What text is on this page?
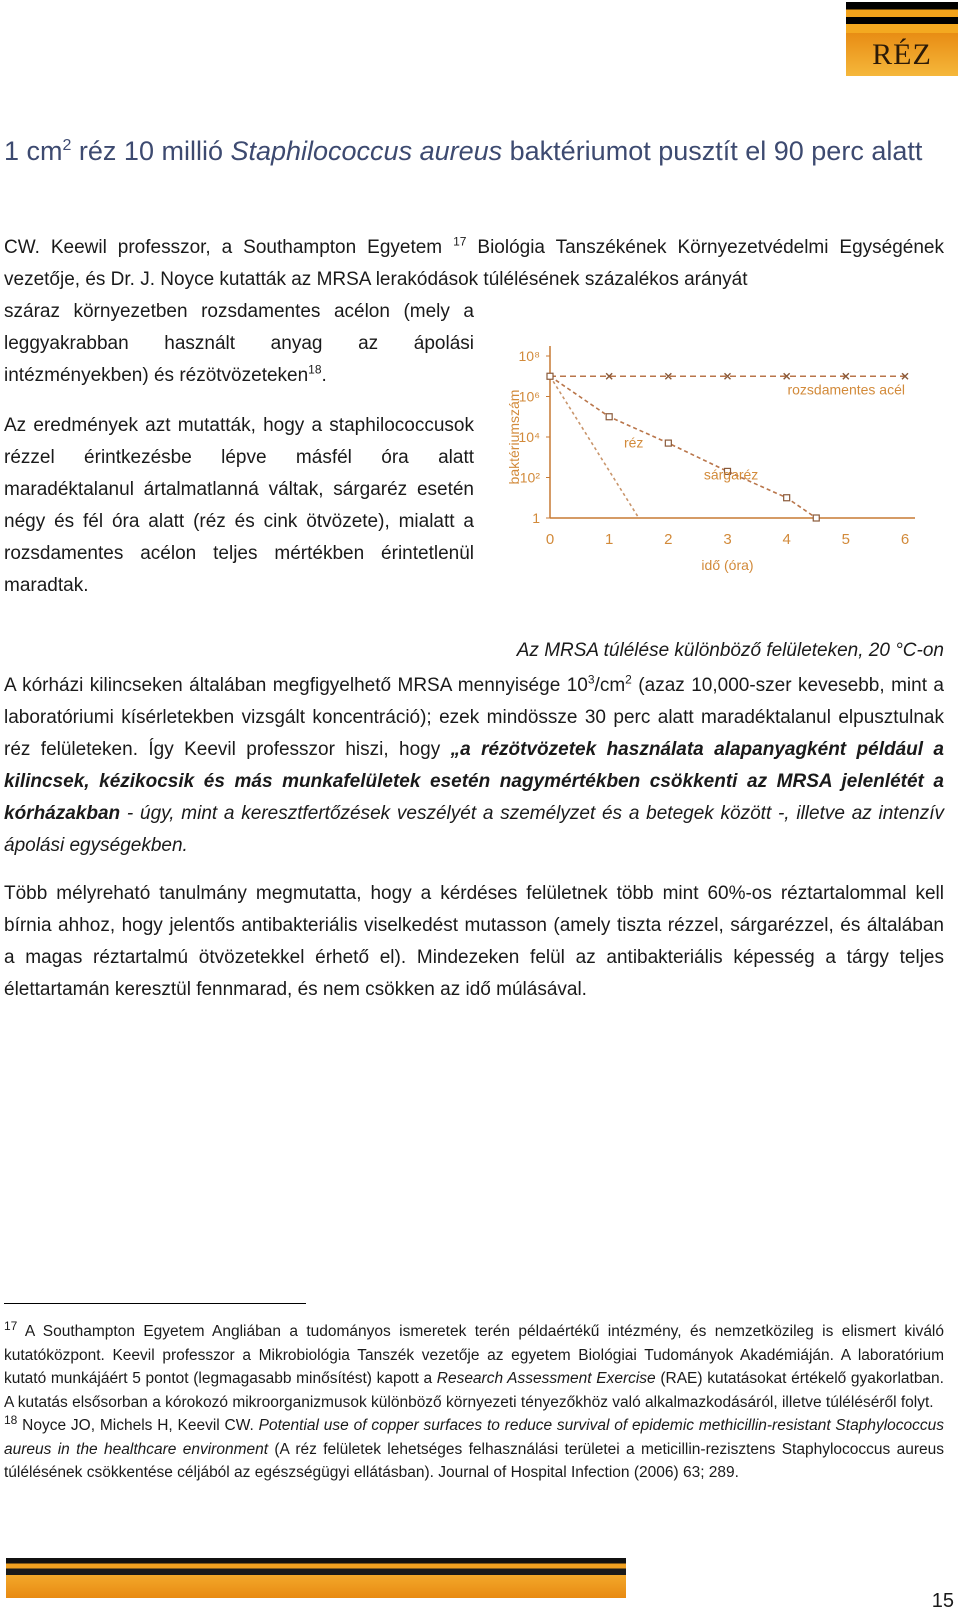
RÉZ
1 $cm^2$ réz 10 millió Staphilococcus aureus baktériumot pusztít el 90 perc alatt

CW. Keewil professzor, a Southampton Egyetem $^{17}$ Biológia Tanszékének Környezetvédelmi Egységének vezetője, és Dr. J. Noyce kutatták az MRSA lerakódások túlélésének százalékos arányát

száraz környezetben rozsdamentes acélon (mely a

leggyakrabban használt anyag az ápolási

intézményekben) és rézötvözeteken$^{18}$.

Az eredmények azt mutatták, hogy a staphilococcusok rézzel érintkezésbe lépve másfél óra alatt maradéktalanul ártalmatlanná váltak, sárgaréz esetén négy és fél óra alatt (réz és cink ötvözete), mialatt a rozsdamentes acélon teljes mértékben érintetlenül maradtak.

10⁸
10⁶
10⁴
10²
1
0	1	2	3	4	5	6
baktériumszám
idő (óra)
rozsdamentes acél
réz
sárgaréz
Az MRSA túlélése különböző felületeken, 20 °C-on

A kórházi kilincseken általában megfigyelhető MRSA mennyisége $10^3/cm^2$ (azaz 10,000-szer kevesebb, mint a laboratóriumi kísérletekben vizsgált koncentráció); ezek mindössze 30 perc alatt maradéktalanul elpusztulnak réz felületeken. Így Keevil professzor hiszi, hogy „a rézötvözetek használata alapanyagként például a kilincsek, kézikocsik és más munkafelületek esetén nagymértékben csökkenti az MRSA jelenlétét a kórházakban - úgy, mint a keresztfertőzések veszélyét a személyzet és a betegek között -, illetve az intenzív ápolási egységekben.

Több mélyreható tanulmány megmutatta, hogy a kérdéses felületnek több mint 60%-os réztartalommal kell bírnia ahhoz, hogy jelentős antibakteriális viselkedést mutasson (amely tiszta rézzel, sárgarézzel, és általában a magas réztartalmú ötvözetekkel érhető el). Mindezeken felül az antibakteriális képesség a tárgy teljes élettartamán keresztül fennmarad, és nem csökken az idő múlásával.

$^{17}$ A Southampton Egyetem Angliában a tudományos ismeretek terén példaértékű intézmény, és nemzetközileg is elismert kiváló kutatóközpont. Keevil professzor a Mikrobiológia Tanszék vezetője az egyetem Biológiai Tudományok Akadémiáján. A laboratórium kutató munkájáért 5 pontot (legmagasabb minősítést) kapott a Research Assessment Exercise (RAE) kutatásokat értékelő gyakorlatban. A kutatás elsősorban a kórokozó mikroorganizmusok különböző környezeti tényezőkhöz való alkalmazkodásáról, illetve túléléséről folyt.

$^{18}$ Noyce JO, Michels H, Keevil CW. Potential use of copper surfaces to reduce survival of epidemic methicillin-resistant Staphylococcus aureus in the healthcare environment (A réz felületek lehetséges felhasználási területei a meticillin-rezisztens Staphylococcus aureus túlélésének csökkentése céljából az egészségügyi ellátásban). Journal of Hospital Infection (2006) 63; 289.

15
